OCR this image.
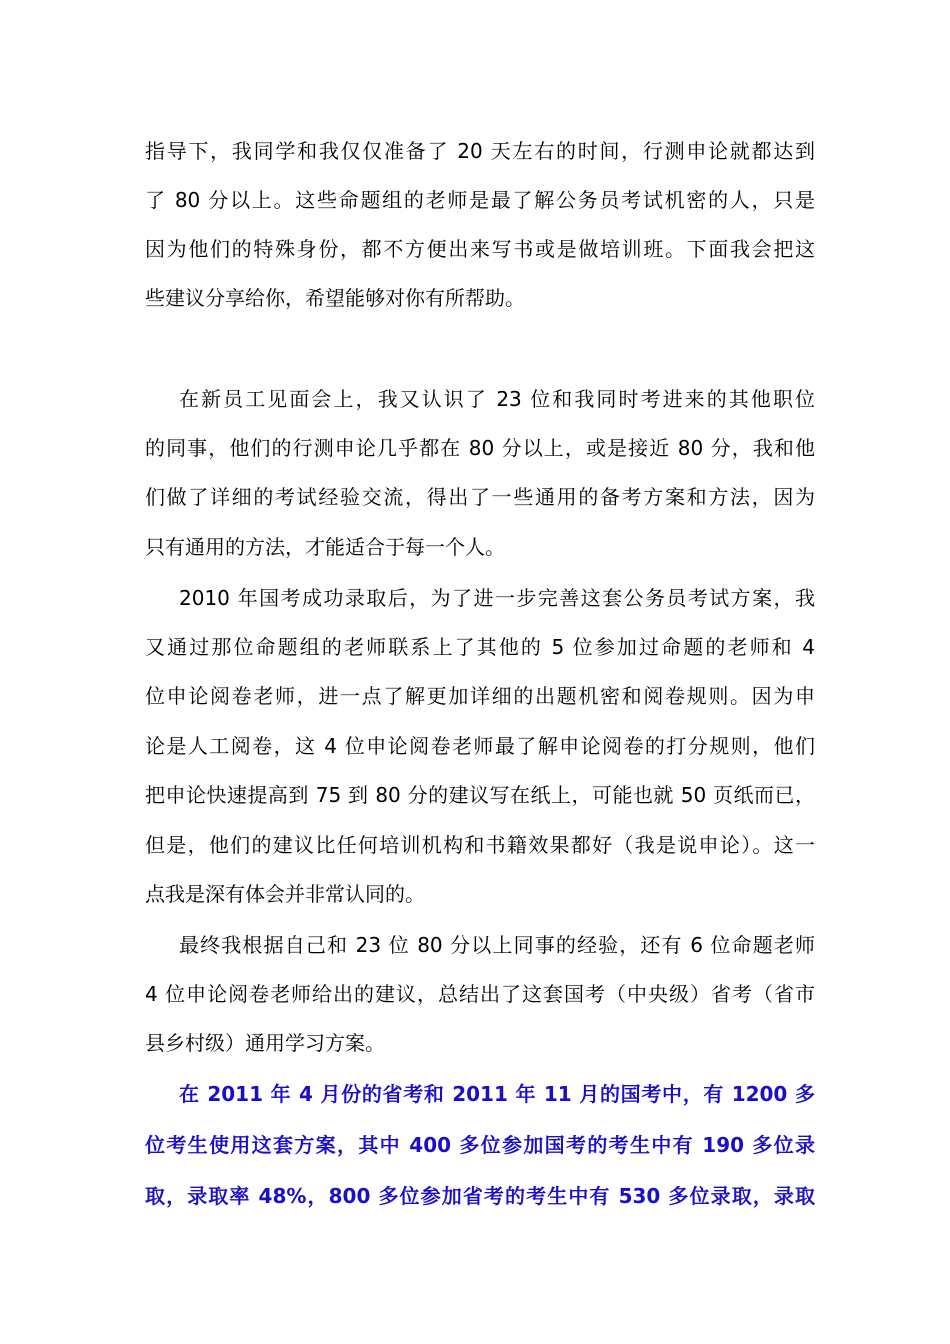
指导下，我同学和我仅仅准备了 20 天左右的时间，行测申论就都达到
了 80 分以上。这些命题组的老师是最了解公务员考试机密的人，只是
因为他们的特殊身份，都不方便出来写书或是做培训班。下面我会把这
些建议分享给你，希望能够对你有所帮助。
在新员工见面会上，我又认识了 23 位和我同时考进来的其他职位
的同事，他们的行测申论几乎都在 80 分以上，或是接近 80 分，我和他
们做了详细的考试经验交流，得出了一些通用的备考方案和方法，因为
只有通用的方法，才能适合于每一个人。
2010 年国考成功录取后，为了进一步完善这套公务员考试方案，我
又通过那位命题组的老师联系上了其他的 5 位参加过命题的老师和 4
位申论阅卷老师，进一点了解更加详细的出题机密和阅卷规则。因为申
论是人工阅卷，这 4 位申论阅卷老师最了解申论阅卷的打分规则，他们
把申论快速提高到 75 到 80 分的建议写在纸上，可能也就 50 页纸而已，
但是，他们的建议比任何培训机构和书籍效果都好（我是说申论）。这一
点我是深有体会并非常认同的。
最终我根据自己和 23 位 80 分以上同事的经验，还有 6 位命题老师
4 位申论阅卷老师给出的建议，总结出了这套国考（中央级）省考（省市
县乡村级）通用学习方案。
在 2011 年 4 月份的省考和 2011 年 11 月的国考中，有 1200 多
位考生使用这套方案，其中 400 多位参加国考的考生中有 190 多位录
取，录取率 48%，800 多位参加省考的考生中有 530 多位录取，录取
